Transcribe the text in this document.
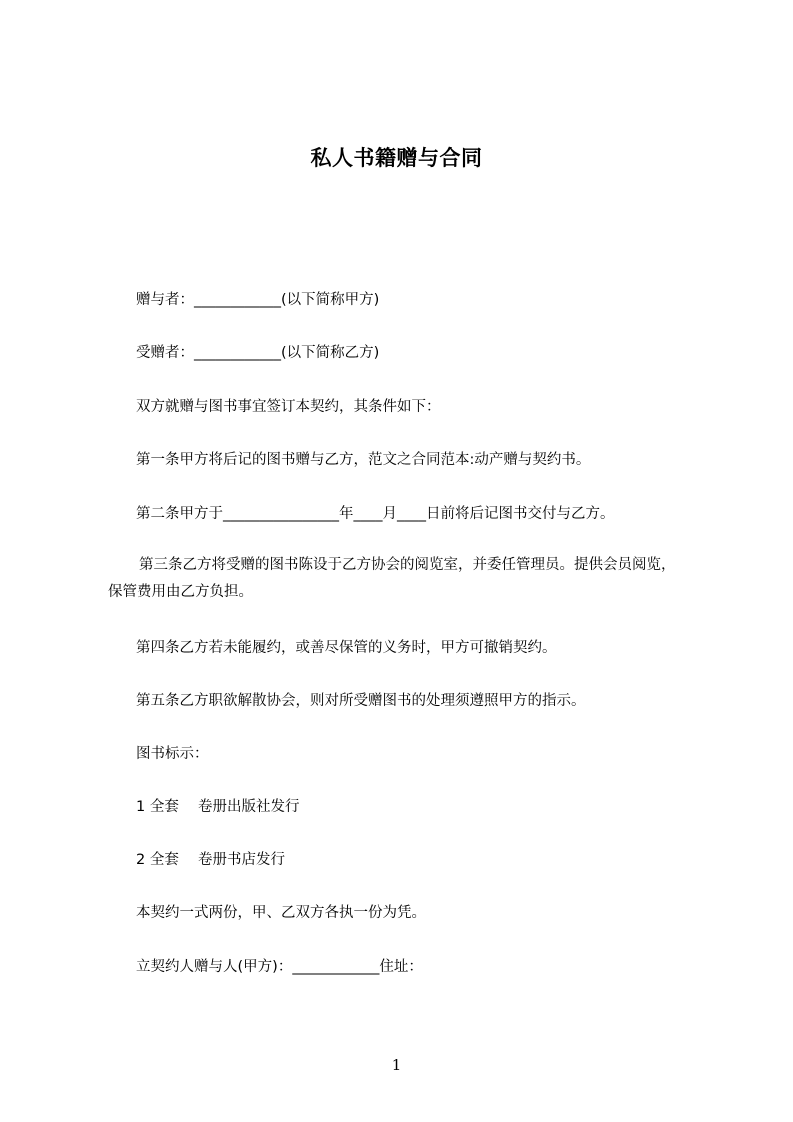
私人书籍赠与合同
赠与者：____________(以下简称甲方)
受赠者：____________(以下简称乙方)
双方就赠与图书事宜签订本契约，其条件如下：
第一条甲方将后记的图书赠与乙方，范文之合同范本:动产赠与契约书。
第二条甲方于________________年____月____日前将后记图书交付与乙方。
第三条乙方将受赠的图书陈设于乙方协会的阅览室，并委任管理员。提供会员阅览，保管费用由乙方负担。
第四条乙方若未能履约，或善尽保管的义务时，甲方可撤销契约。
第五条乙方职欲解散协会，则对所受赠图书的处理须遵照甲方的指示。
图书标示：
1 全套　 卷册出版社发行
2 全套　 卷册书店发行
本契约一式两份，甲、乙双方各执一份为凭。
立契约人赠与人(甲方)：____________住址：
1
